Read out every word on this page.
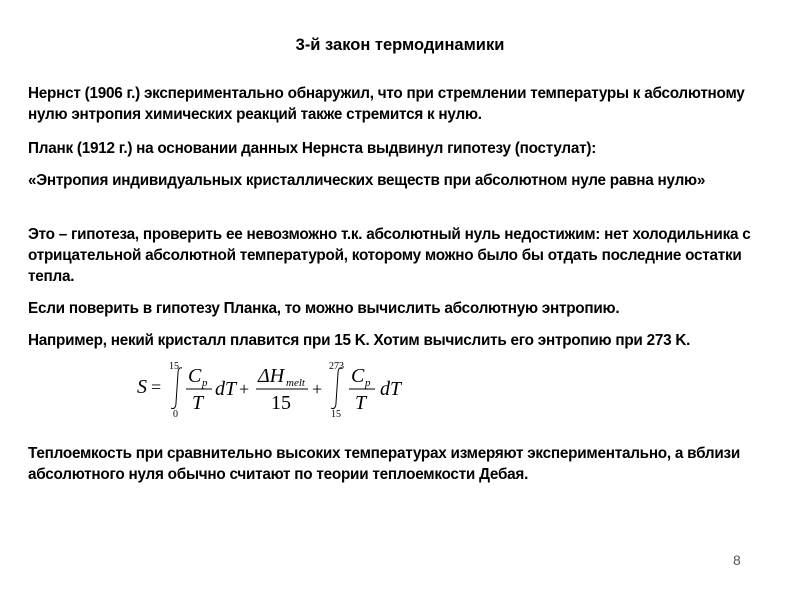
3-й закон термодинамики
Нернст (1906 г.) экспериментально обнаружил, что при стремлении температуры к абсолютному нулю энтропия химических реакций также стремится к нулю.
Планк (1912 г.) на основании данных Нернста выдвинул гипотезу (постулат):
«Энтропия индивидуальных кристаллических веществ при абсолютном нуле равна нулю»
Это – гипотеза, проверить ее невозможно т.к. абсолютный нуль недостижим: нет холодильника с отрицательной абсолютной температурой, которому можно было бы отдать последние остатки тепла.
Если поверить в гипотезу Планка, то можно вычислить абсолютную энтропию.
Например, некий кристалл плавится при 15 K. Хотим вычислить его энтропию при 273 K.
S =
15
0
C p
T
dT +
ΔH melt
15
+
273
15
C p
T
dT
Теплоемкость при сравнительно высоких температурах измеряют экспериментально, а вблизи абсолютного нуля обычно считают по теории теплоемкости Дебая.
8
